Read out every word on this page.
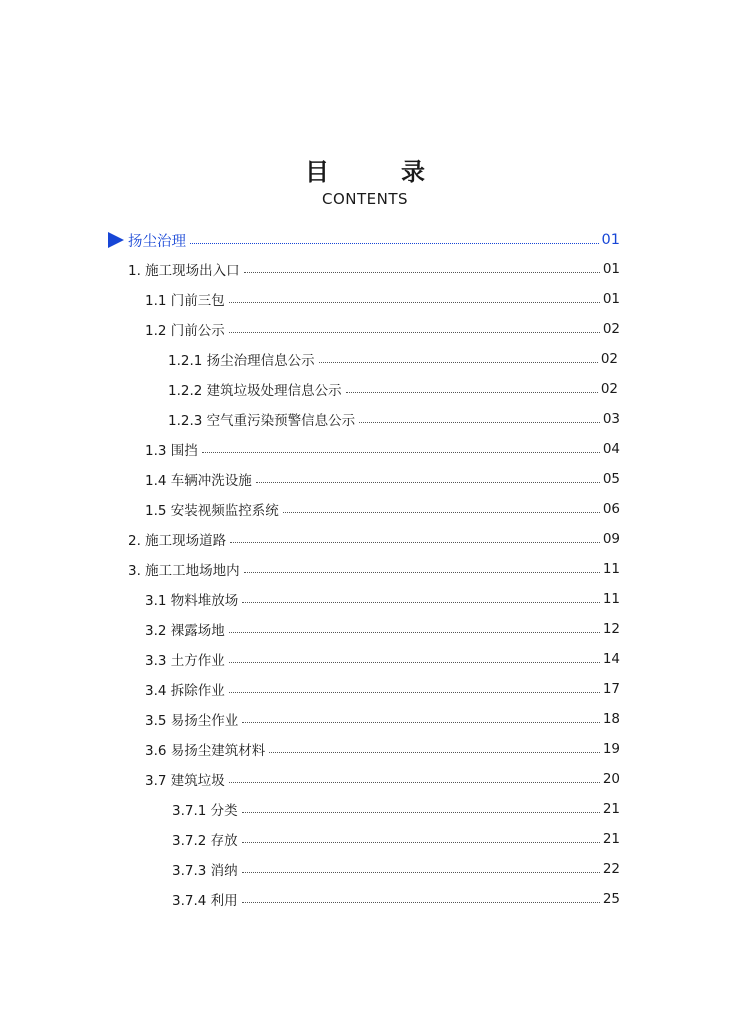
目　录
CONTENTS
扬尘治理	01
1. 施工现场出入口	01
1.1 门前三包	01
1.2 门前公示	02
1.2.1 扬尘治理信息公示	02
1.2.2 建筑垃圾处理信息公示	02
1.2.3 空气重污染预警信息公示	03
1.3 围挡	04
1.4 车辆冲洗设施	05
1.5 安装视频监控系统	06
2. 施工现场道路	09
3. 施工工地场地内	11
3.1 物料堆放场	11
3.2 裸露场地	12
3.3 土方作业	14
3.4 拆除作业	17
3.5 易扬尘作业	18
3.6 易扬尘建筑材料	19
3.7 建筑垃圾	20
3.7.1 分类	21
3.7.2 存放	21
3.7.3 消纳	22
3.7.4 利用	25
